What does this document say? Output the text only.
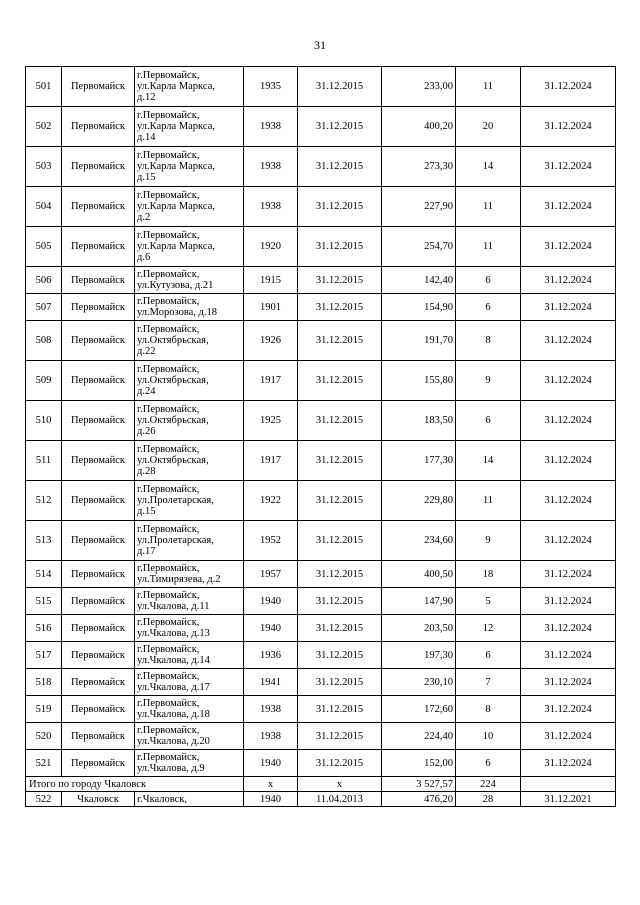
31
501	Первомайск	г.Первомайск,
ул.Карла Маркса,
д.12	1935	31.12.2015	233,00	11	31.12.2024
502	Первомайск	г.Первомайск,
ул.Карла Маркса,
д.14	1938	31.12.2015	400,20	20	31.12.2024
503	Первомайск	г.Первомайск,
ул.Карла Маркса,
д.15	1938	31.12.2015	273,30	14	31.12.2024
504	Первомайск	г.Первомайск,
ул.Карла Маркса,
д.2	1938	31.12.2015	227,90	11	31.12.2024
505	Первомайск	г.Первомайск,
ул.Карла Маркса,
д.6	1920	31.12.2015	254,70	11	31.12.2024
506	Первомайск	г.Первомайск,
ул.Кутузова, д.21	1915	31.12.2015	142,40	6	31.12.2024
507	Первомайск	г.Первомайск,
ул.Морозова, д.18	1901	31.12.2015	154,90	6	31.12.2024
508	Первомайск	г.Первомайск,
ул.Октябрьская,
д.22	1926	31.12.2015	191,70	8	31.12.2024
509	Первомайск	г.Первомайск,
ул.Октябрьская,
д.24	1917	31.12.2015	155,80	9	31.12.2024
510	Первомайск	г.Первомайск,
ул.Октябрьская,
д.26	1925	31.12.2015	183,50	6	31.12.2024
511	Первомайск	г.Первомайск,
ул.Октябрьская,
д.28	1917	31.12.2015	177,30	14	31.12.2024
512	Первомайск	г.Первомайск,
ул.Пролетарская,
д.15	1922	31.12.2015	229,80	11	31.12.2024
513	Первомайск	г.Первомайск,
ул.Пролетарская,
д.17	1952	31.12.2015	234,60	9	31.12.2024
514	Первомайск	г.Первомайск,
ул.Тимирязева, д.2	1957	31.12.2015	400,50	18	31.12.2024
515	Первомайск	г.Первомайск,
ул.Чкалова, д.11	1940	31.12.2015	147,90	5	31.12.2024
516	Первомайск	г.Первомайск,
ул.Чкалова, д.13	1940	31.12.2015	203,50	12	31.12.2024
517	Первомайск	г.Первомайск,
ул.Чкалова, д.14	1936	31.12.2015	197,30	6	31.12.2024
518	Первомайск	г.Первомайск,
ул.Чкалова, д.17	1941	31.12.2015	230,10	7	31.12.2024
519	Первомайск	г.Первомайск,
ул.Чкалова, д.18	1938	31.12.2015	172,60	8	31.12.2024
520	Первомайск	г.Первомайск,
ул.Чкалова, д.20	1938	31.12.2015	224,40	10	31.12.2024
521	Первомайск	г.Первомайск,
ул.Чкалова, д.9	1940	31.12.2015	152,00	6	31.12.2024
Итого по городу Чкаловск			x	x	3 527,57	224	
522	Чкаловск	г.Чкаловск,	1940	11.04.2013	476,20	28	31.12.2021
